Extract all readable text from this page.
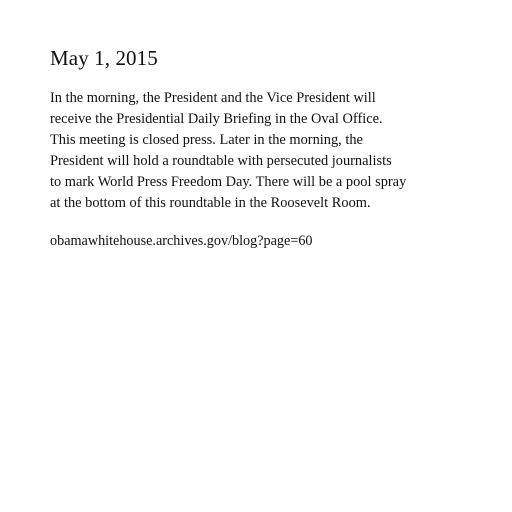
May 1, 2015
In the morning, the President and the Vice President will
receive the Presidential Daily Briefing in the Oval Office.
This meeting is closed press. Later in the morning, the
President will hold a roundtable with persecuted journalists
to mark World Press Freedom Day. There will be a pool spray
at the bottom of this roundtable in the Roosevelt Room.
obamawhitehouse.archives.gov/blog?page=60
